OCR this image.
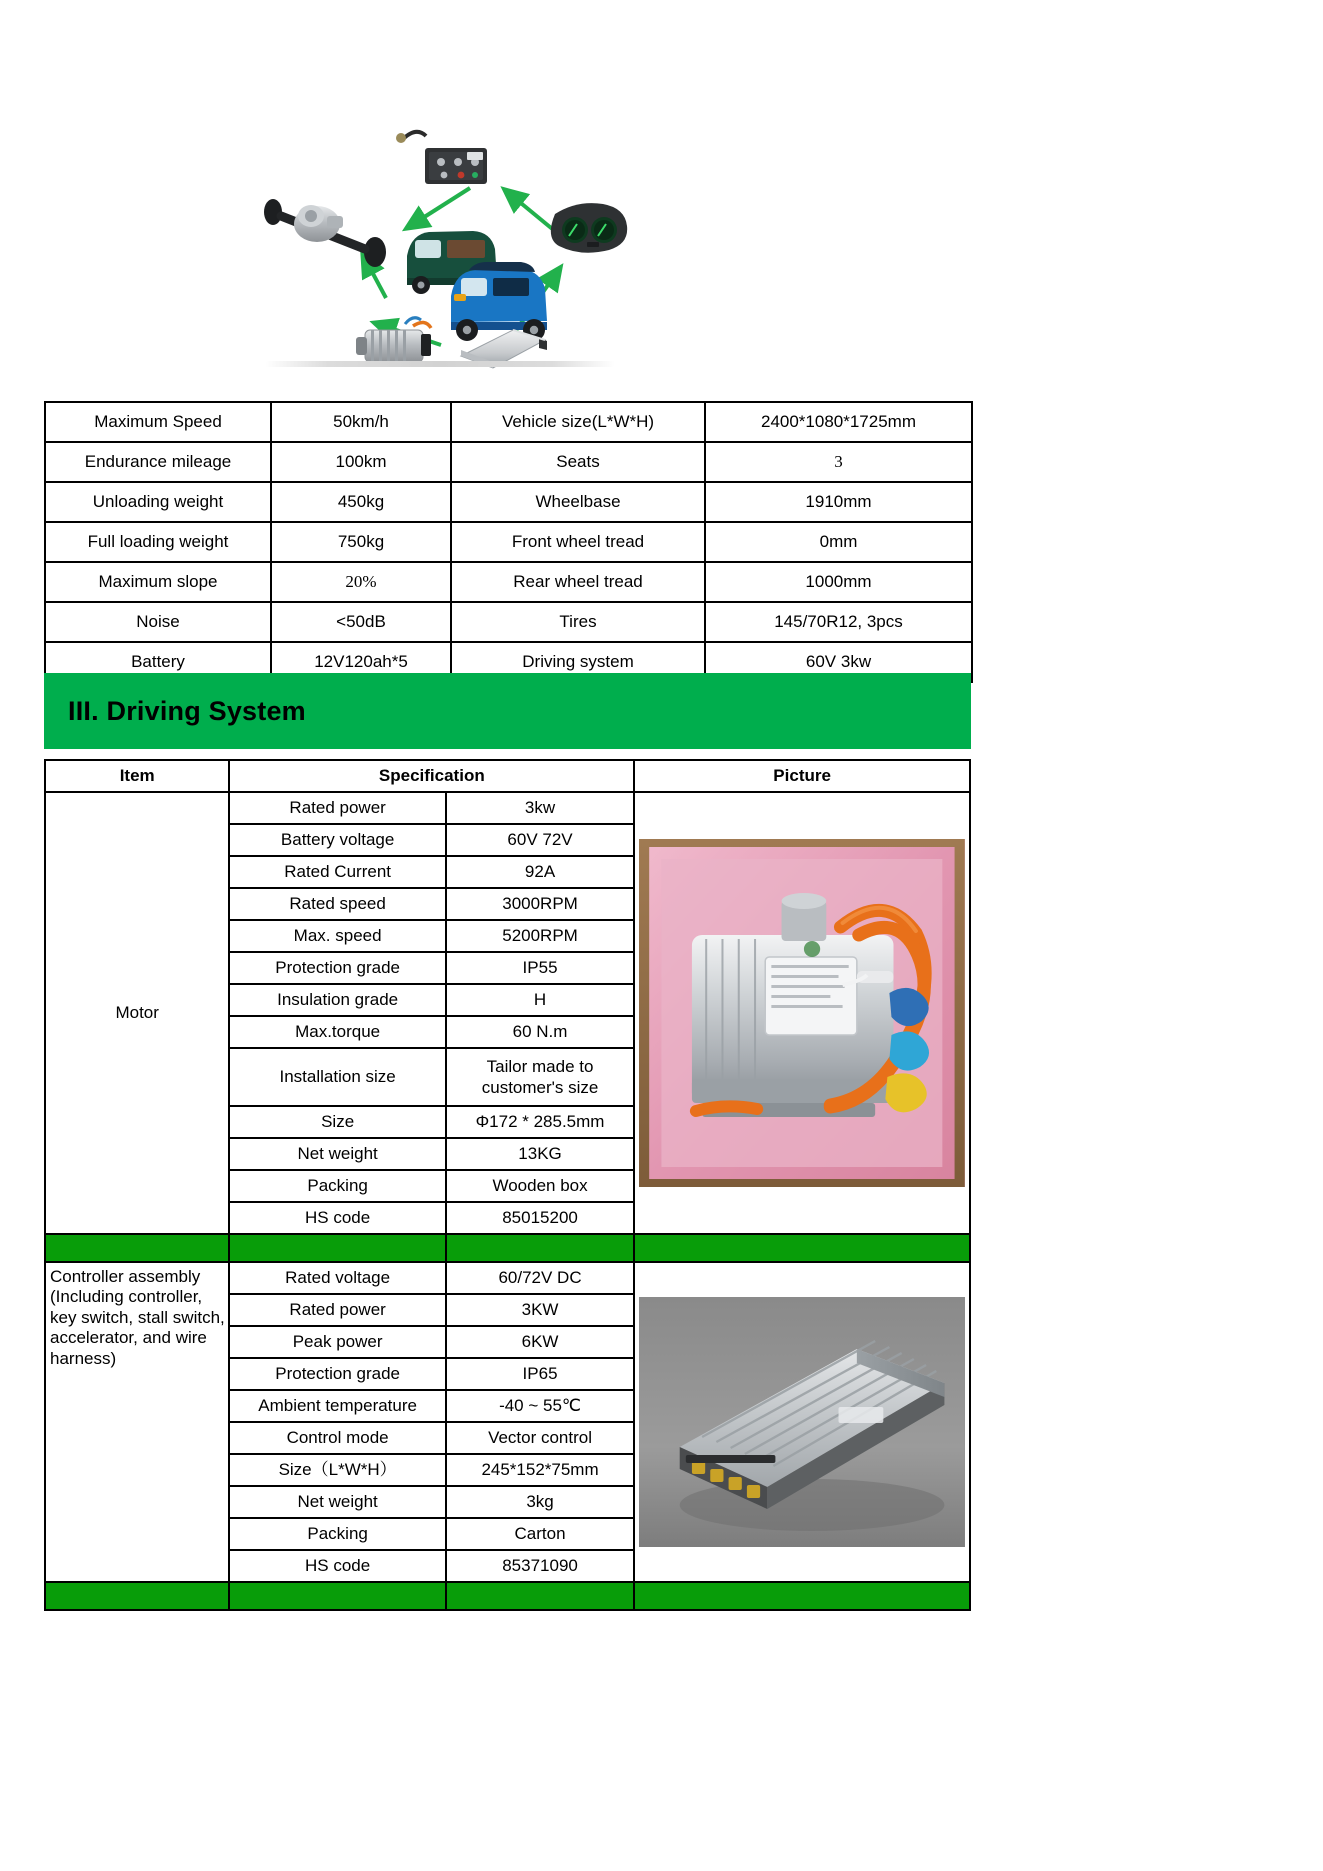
Maximum Speed	50km/h	Vehicle size(L*W*H)	2400*1080*1725mm
Endurance mileage	100km	Seats	3
Unloading weight	450kg	Wheelbase	1910mm
Full loading weight	750kg	Front wheel tread	0mm
Maximum slope	20%	Rear wheel tread	1000mm
Noise	<50dB	Tires	145/70R12, 3pcs
Battery	12V120ah*5	Driving system	60V 3kw
III. Driving System
Item	Specification		Picture
Motor	Rated power	3kw	

	Battery voltage	60V 72V	
	Rated Current	92A	
	Rated speed	3000RPM	
	Max. speed	5200RPM	
	Protection grade	IP55	
	Insulation grade	H	
	Max.torque	60 N.m	
	Installation size	Tailor made to customer's size	
	Size	Φ172 * 285.5mm	
	Net weight	13KG	
	Packing	Wooden box	
	HS code	85015200	

Controller assembly (Including controller, key switch, stall switch, accelerator, and wire harness)	Rated voltage	60/72V DC	

	Rated power	3KW	
	Peak power	6KW	
	Protection grade	IP65	
	Ambient temperature	-40 ~ 55℃	
	Control mode	Vector control	
	Size（L*W*H）	245*152*75mm	
	Net weight	3kg	
	Packing	Carton	
	HS code	85371090	
